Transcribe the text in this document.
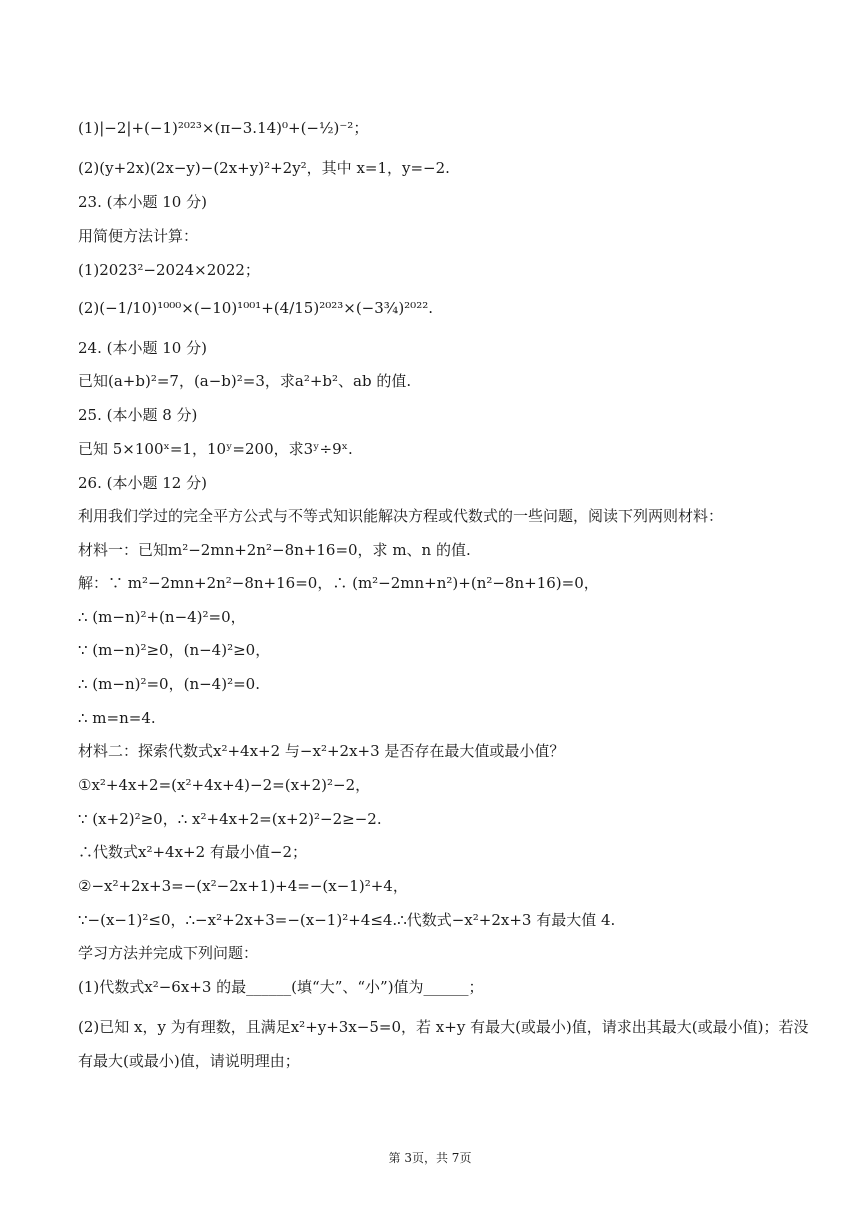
(1)|−2|+(−1)²⁰²³×(π−3.14)⁰+(−½)⁻²；
(2)(y+2x)(2x−y)−(2x+y)²+2y²，其中 x=1，y=−2.
23. (本小题 10 分)
用简便方法计算：
(1)2023²−2024×2022；
(2)(−1/10)¹⁰⁰⁰×(−10)¹⁰⁰¹+(4/15)²⁰²³×(−3¾)²⁰²².
24. (本小题 10 分)
已知(a+b)²=7，(a−b)²=3，求a²+b²、ab 的值.
25. (本小题 8 分)
已知 5×100ˣ=1，10ʸ=200，求3ʸ÷9ˣ.
26. (本小题 12 分)
利用我们学过的完全平方公式与不等式知识能解决方程或代数式的一些问题，阅读下列两则材料：
材料一：已知m²−2mn+2n²−8n+16=0，求 m、n 的值.
解：∵ m²−2mn+2n²−8n+16=0，∴ (m²−2mn+n²)+(n²−8n+16)=0，
∴ (m−n)²+(n−4)²=0，
∵ (m−n)²≥0，(n−4)²≥0，
∴ (m−n)²=0，(n−4)²=0.
∴ m=n=4.
材料二：探索代数式x²+4x+2 与−x²+2x+3 是否存在最大值或最小值？
①x²+4x+2=(x²+4x+4)−2=(x+2)²−2，
∵ (x+2)²≥0，∴ x²+4x+2=(x+2)²−2≥−2.
∴代数式x²+4x+2 有最小值−2；
②−x²+2x+3=−(x²−2x+1)+4=−(x−1)²+4，
∵−(x−1)²≤0，∴−x²+2x+3=−(x−1)²+4≤4.∴代数式−x²+2x+3 有最大值 4.
学习方法并完成下列问题：
(1)代数式x²−6x+3 的最______(填“大”、“小”)值为______；
(2)已知 x，y 为有理数，且满足x²+y+3x−5=0，若 x+y 有最大(或最小)值，请求出其最大(或最小值)；若没有最大(或最小)值，请说明理由；
第 3页，共 7页
